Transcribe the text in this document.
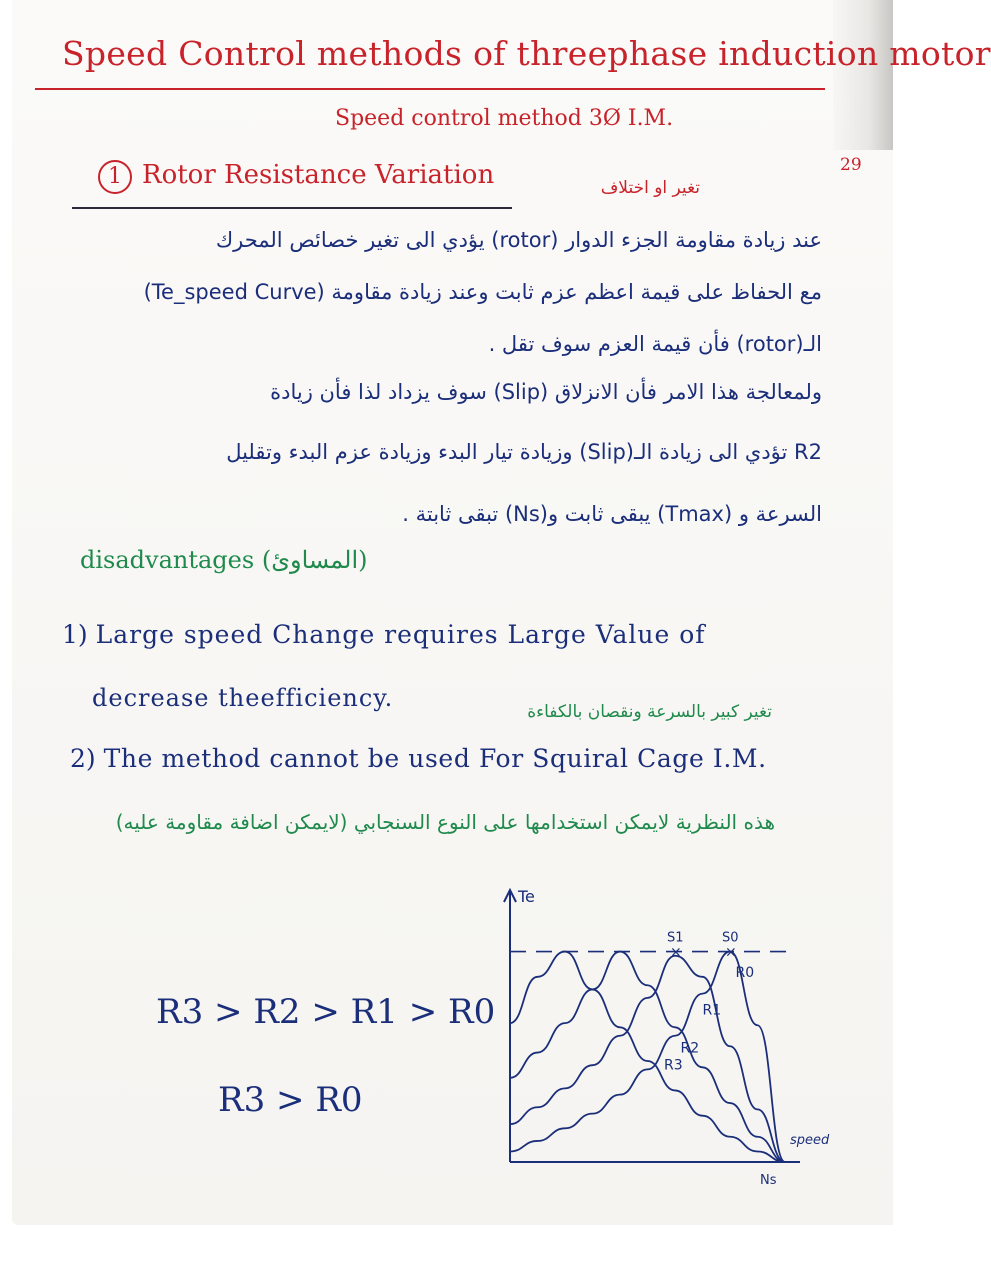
Speed Control methods of threephase induction motor
Speed control method 3Ø I.M.
29
1 Rotor Resistance Variation	تغير او اختلاف
عند زيادة مقاومة الجزء الدوار (rotor) يؤدي الى تغير خصائص المحرك
مع الحفاظ على قيمة اعظم عزم ثابت وعند زيادة مقاومة (Te_speed Curve)
الـ(rotor) فأن قيمة العزم سوف تقل .
ولمعالجة هذا الامر فأن الانزلاق (Slip) سوف يزداد لذا فأن زيادة
R2 تؤدي الى زيادة الـ(Slip) وزيادة تيار البدء وزيادة عزم البدء وتقليل
السرعة و (Tmax) يبقى ثابت و(Ns) تبقى ثابتة .
disadvantages (المساوئ)
1) Large speed Change requires Large Value of
decrease theefficiency.	تغير كبير بالسرعة ونقصان بالكفاءة
2) The method cannot be used For Squiral Cage I.M.
هذه النظرية لايمكن استخدامها على النوع السنجابي (لايمكن اضافة مقاومة عليه)
R3 > R2 > R1 > R0
R3 > R0
Te
speed
Ns
×
S1
×
S0
R0
R1
R2
R3
